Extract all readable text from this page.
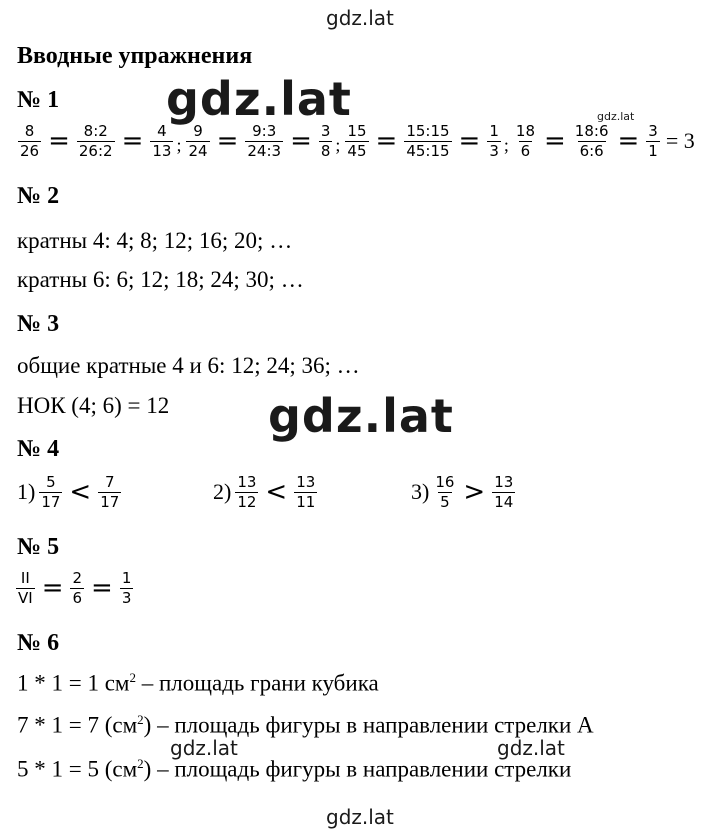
gdz.lat
gdz.lat	gdz.lat
gdz.lat
Вводные упражнения
№ 1
$\frac{8}{26} = \frac{8:2}{26:2} = \frac{4}{13}$ ; $\frac{9}{24} = \frac{9:3}{24:3} = \frac{3}{8}$ ; $\frac{15}{45} = \frac{15:15}{45:15} = \frac{1}{3}$ ; $\frac{18}{6} = \frac{18:6}{6:6} = \frac{3}{1} = 3$
№ 2
кратны 4: 4; 8; 12; 16; 20; …
кратны 6: 6; 12; 18; 24; 30; …
№ 3
общие кратные 4 и 6: 12; 24; 36; …
НОК (4; 6) = 12
№ 4
$1) \frac{5}{17} < \frac{7}{17}$	$2) \frac{13}{12} < \frac{13}{11}$	$3) \frac{16}{5} > \frac{13}{14}$
№ 5
$\frac{II}{VI} = \frac{2}{6} = \frac{1}{3}$
№ 6
1 * 1 = 1 $см^2$ – площадь грани кубика
7 * 1 = 7 $(см^2)$ – площадь фигуры в направлении стрелки А
5 * 1 = 5 $(см^2)$ – площадь фигуры в направлении стрелки
gdz.lat	gdz.lat
gdz.lat
